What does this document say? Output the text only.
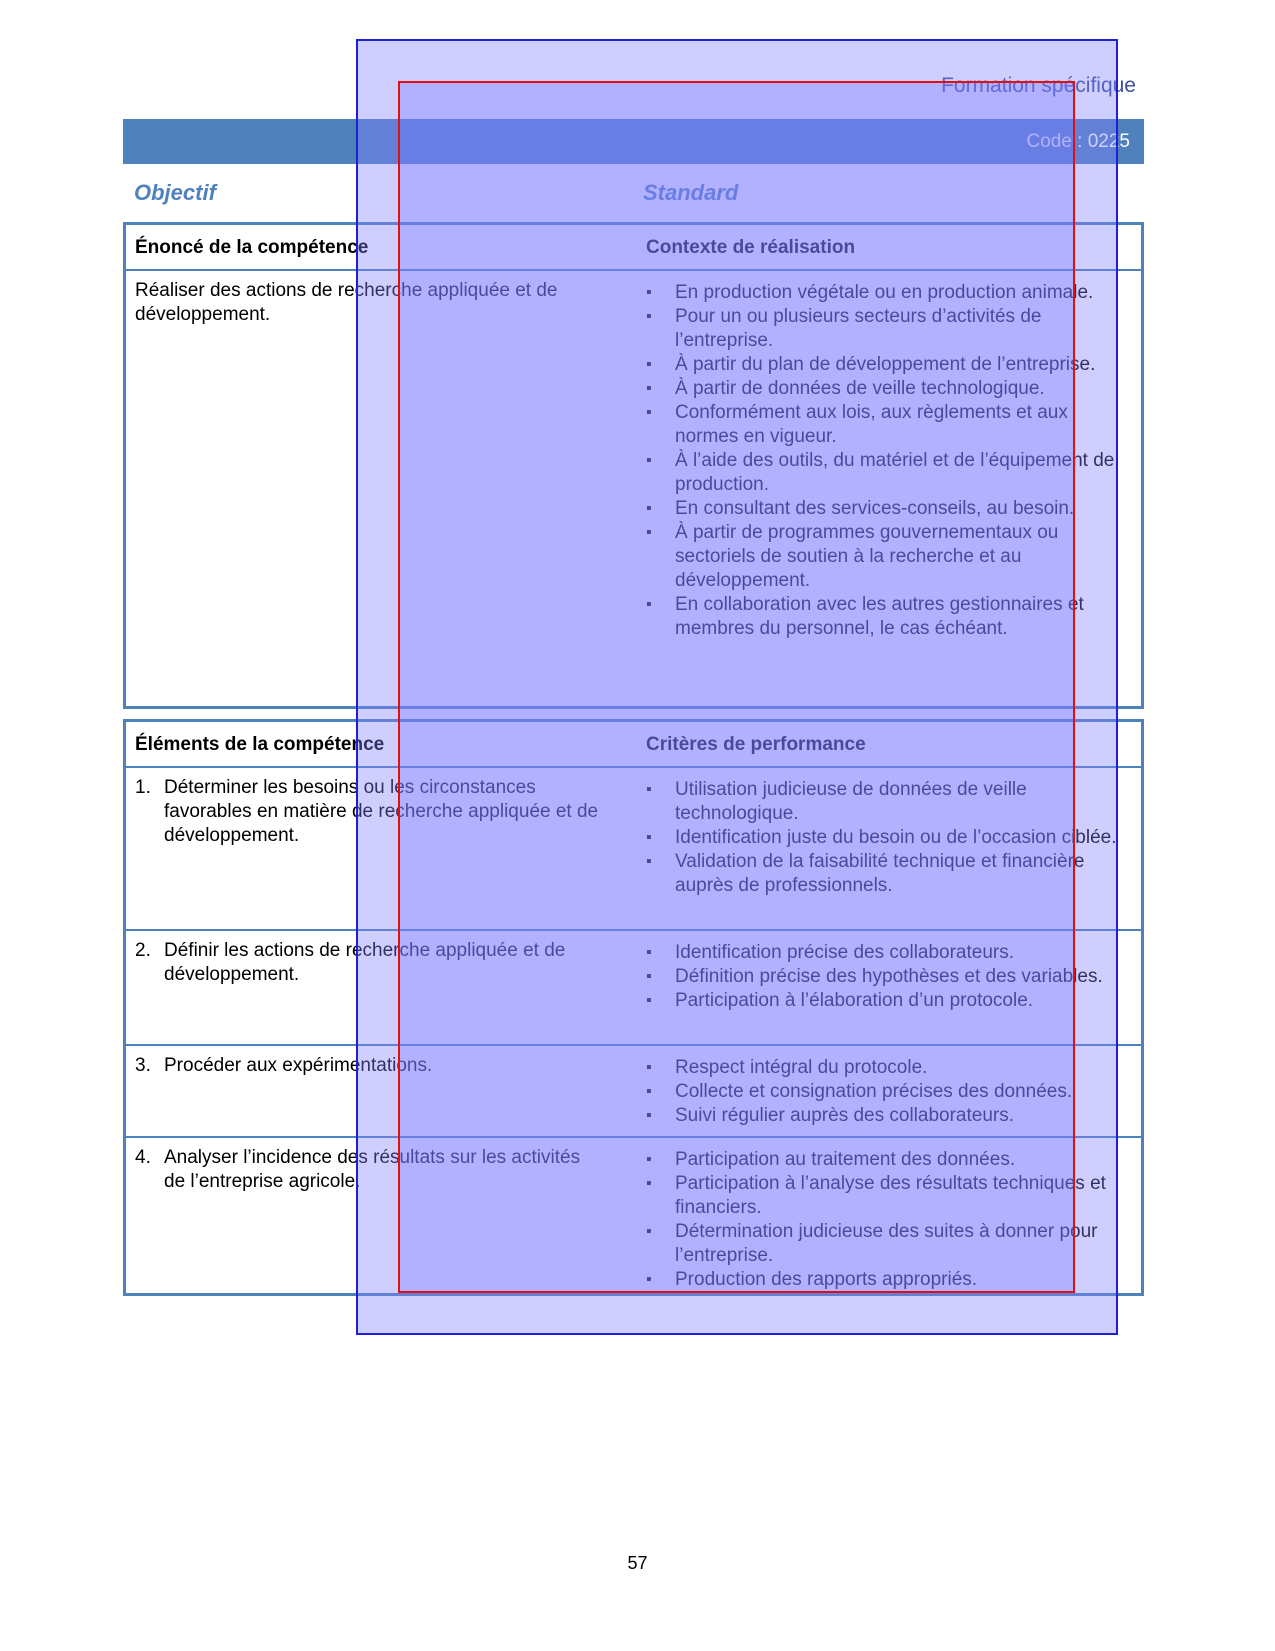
Formation spécifique
Code : 0225
Objectif	Standard
Énoncé de la compétence	Contexte de réalisation
Réaliser des actions de recherche appliquée et de développement.
▪ En production végétale ou en production animale.
▪ Pour un ou plusieurs secteurs d’activités de l’entreprise.
▪ À partir du plan de développement de l’entreprise.
▪ À partir de données de veille technologique.
▪ Conformément aux lois, aux règlements et aux normes en vigueur.
▪ À l’aide des outils, du matériel et de l’équipement de production.
▪ En consultant des services-conseils, au besoin.
▪ À partir de programmes gouvernementaux ou sectoriels de soutien à la recherche et au développement.
▪ En collaboration avec les autres gestionnaires et membres du personnel, le cas échéant.
Éléments de la compétence	Critères de performance
1. Déterminer les besoins ou les circonstances favorables en matière de recherche appliquée et de développement.
▪ Utilisation judicieuse de données de veille technologique.
▪ Identification juste du besoin ou de l’occasion ciblée.
▪ Validation de la faisabilité technique et financière auprès de professionnels.
2. Définir les actions de recherche appliquée et de développement.
▪ Identification précise des collaborateurs.
▪ Définition précise des hypothèses et des variables.
▪ Participation à l’élaboration d’un protocole.
3. Procéder aux expérimentations.
▪	Respect intégral du protocole.
▪ Collecte et consignation précises des données.
▪ Suivi régulier auprès des collaborateurs.
4. Analyser l’incidence des résultats sur les activités de l’entreprise agricole.
▪ Participation au traitement des données.
▪ Participation à l’analyse des résultats techniques et financiers.
▪ Détermination judicieuse des suites à donner pour l’entreprise.
▪ Production des rapports appropriés.
57
